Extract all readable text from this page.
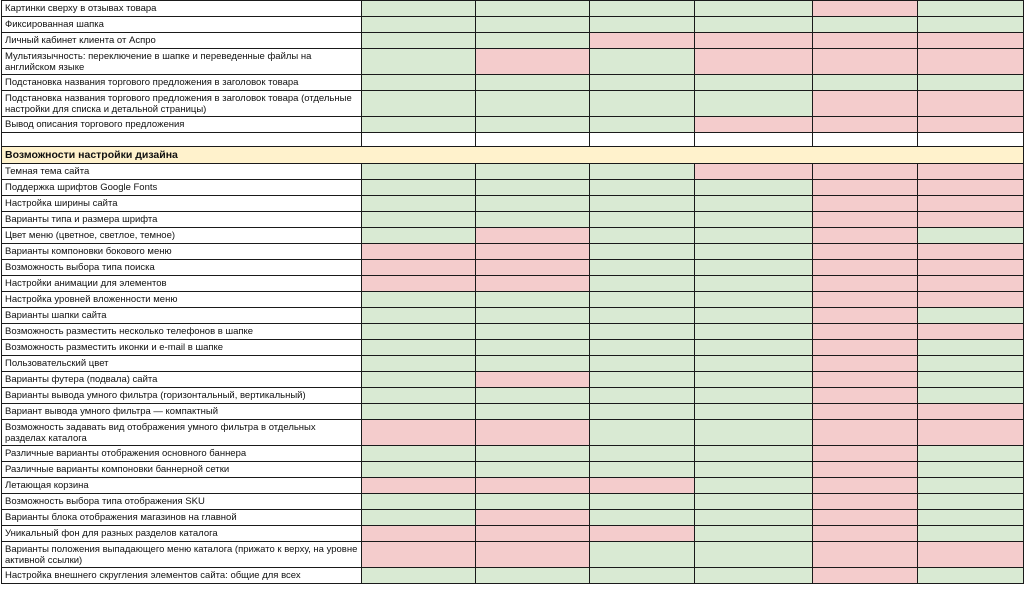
Картинки сверху в отзывах товара						
Фиксированная шапка						
Личный кабинет клиента от Аспро						
Мультиязычность: переключение в шапке и переведенные файлы на английском языке						
Подстановка названия торгового предложения в заголовок товара						
Подстановка названия торгового предложения в заголовок товара (отдельные настройки для списка и детальной страницы)						
Вывод описания торгового предложения						

Возможности настройки дизайна						
Темная тема сайта						
Поддержка шрифтов Google Fonts						
Настройка ширины сайта						
Варианты типа и размера шрифта						
Цвет меню (цветное, светлое, темное)						
Варианты компоновки бокового меню						
Возможность выбора типа поиска						
Настройки анимации для элементов						
Настройка уровней вложенности меню						
Варианты шапки сайта						
Возможность разместить несколько телефонов в шапке						
Возможность разместить иконки и e-mail в шапке						
Пользовательский цвет						
Варианты футера (подвала) сайта						
Варианты вывода умного фильтра (горизонтальный, вертикальный)						
Вариант вывода умного фильтра — компактный						
Возможность задавать вид отображения умного фильтра в отдельных разделах каталога						
Различные варианты отображения основного баннера						
Различные варианты компоновки баннерной сетки						
Летающая корзина						
Возможность выбора типа отображения SKU						
Варианты блока отображения магазинов на главной						
Уникальный фон для разных разделов каталога						
Варианты положения выпадающего меню каталога (прижато к верху, на уровне активной ссылки)						
Настройка внешнего скругления элементов сайта: общие для всех						
